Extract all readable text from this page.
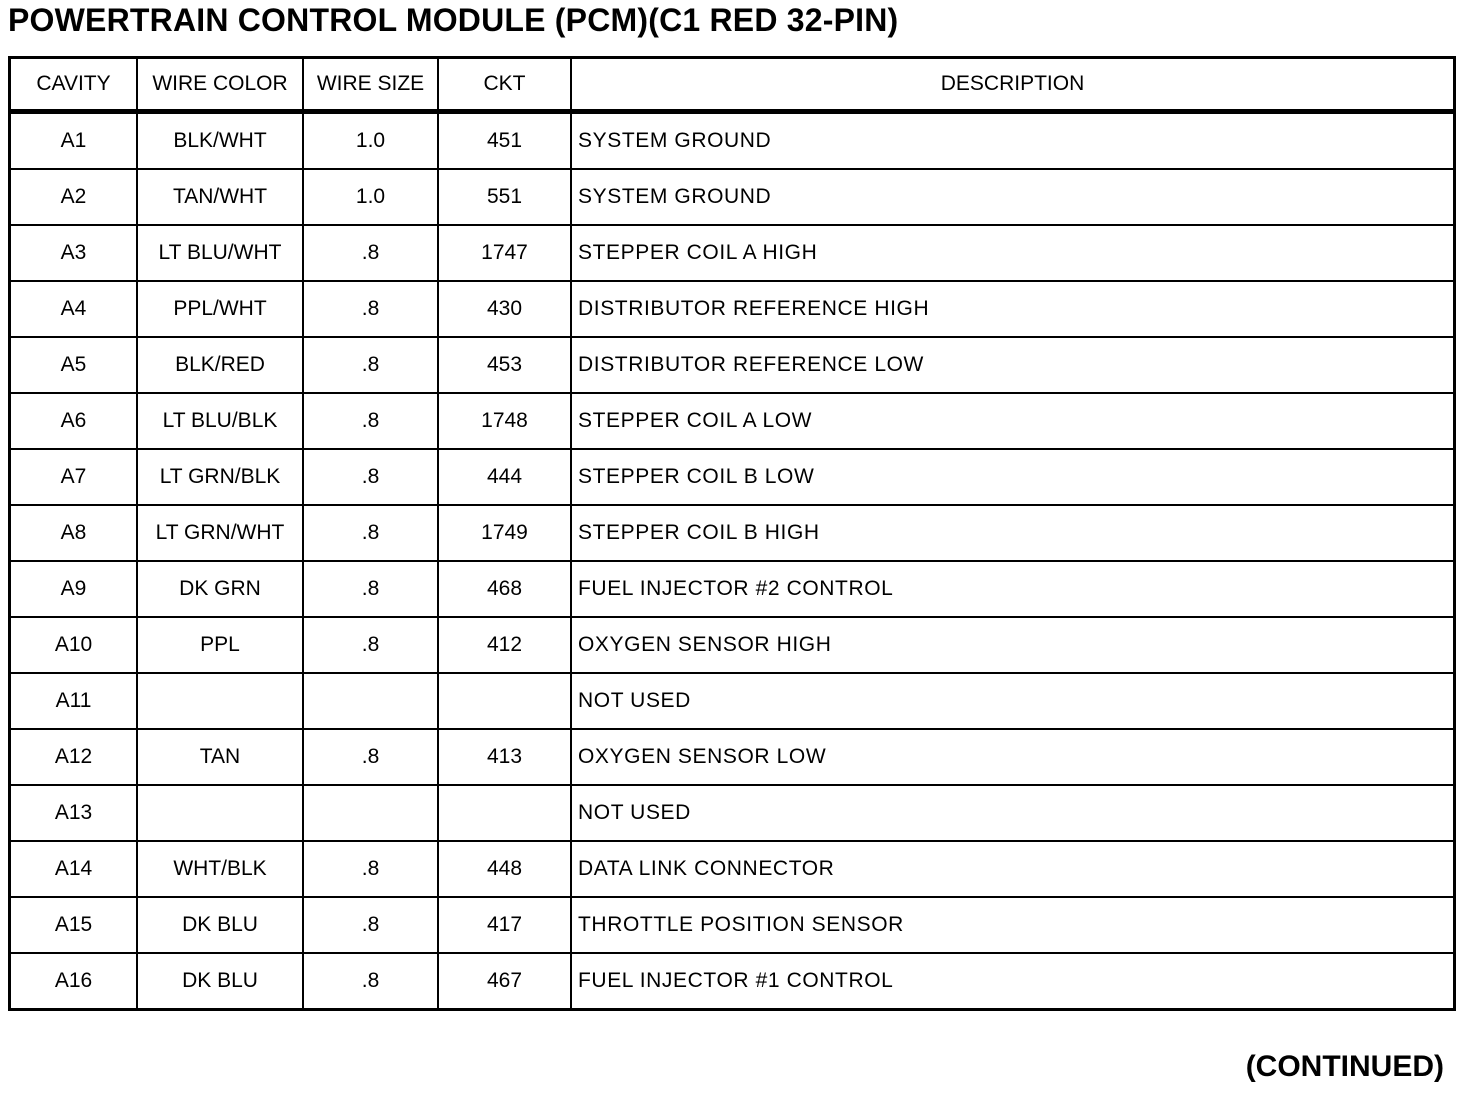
POWERTRAIN CONTROL MODULE (PCM)(C1 RED 32-PIN)
CAVITY	WIRE COLOR	WIRE SIZE	CKT	DESCRIPTION
A1	BLK/WHT	1.0	451	SYSTEM GROUND
A2	TAN/WHT	1.0	551	SYSTEM GROUND
A3	LT BLU/WHT	.8	1747	STEPPER COIL A HIGH
A4	PPL/WHT	.8	430	DISTRIBUTOR REFERENCE HIGH
A5	BLK/RED	.8	453	DISTRIBUTOR REFERENCE LOW
A6	LT BLU/BLK	.8	1748	STEPPER COIL A LOW
A7	LT GRN/BLK	.8	444	STEPPER COIL B LOW
A8	LT GRN/WHT	.8	1749	STEPPER COIL B HIGH
A9	DK GRN	.8	468	FUEL INJECTOR #2 CONTROL
A10	PPL	.8	412	OXYGEN SENSOR HIGH
A11				NOT USED
A12	TAN	.8	413	OXYGEN SENSOR LOW
A13				NOT USED
A14	WHT/BLK	.8	448	DATA LINK CONNECTOR
A15	DK BLU	.8	417	THROTTLE POSITION SENSOR
A16	DK BLU	.8	467	FUEL INJECTOR #1 CONTROL
(CONTINUED)
